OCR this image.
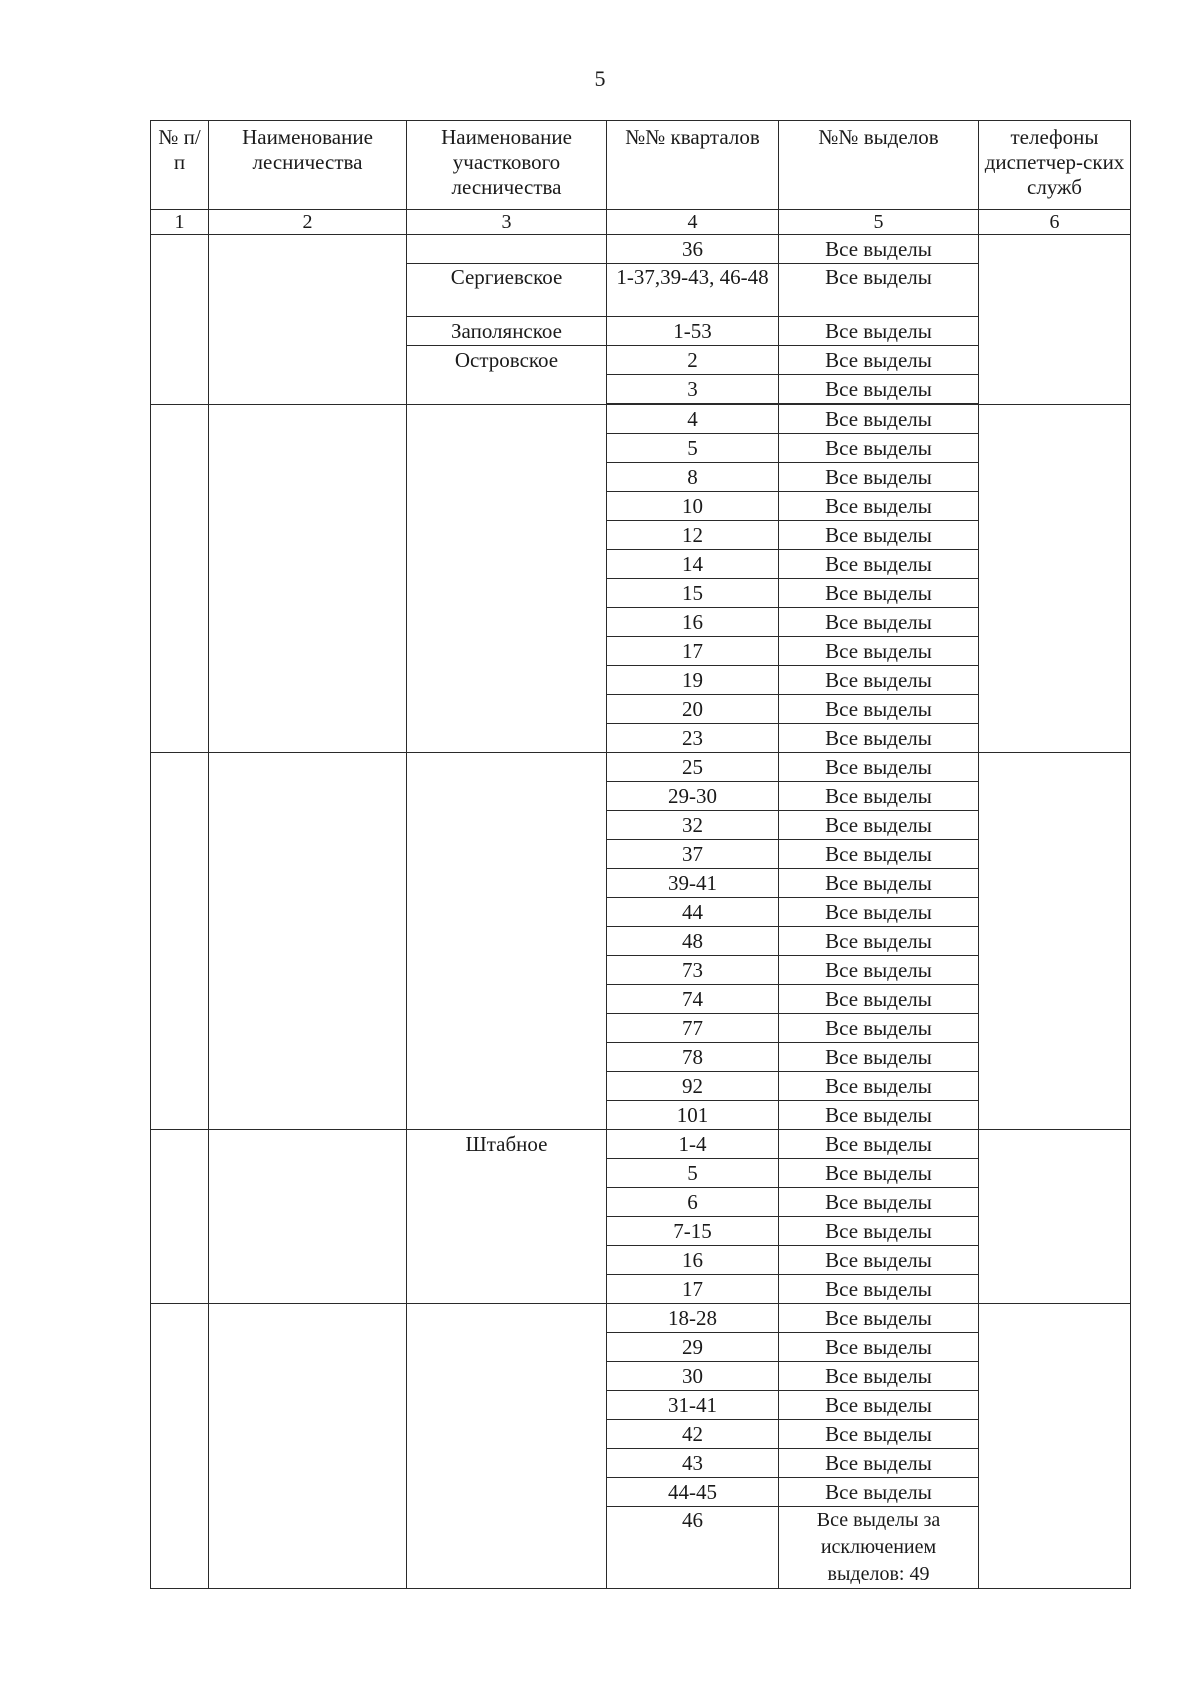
5
№ п/п	Наименование лесничества	Наименование участкового лесничества	№№ кварталов	№№ выделов	телефоны диспетчер-ских служб
1	2	3	4	5	6
			36	Все выделы	
		Сергиевское	1-37,39-43, 46-48	Все выделы	
		Заполянское	1-53	Все выделы	
		Островское	2	Все выделы	
			3	Все выделы	

			4	Все выделы	
			5	Все выделы	
			8	Все выделы	
			10	Все выделы	
			12	Все выделы	
			14	Все выделы	
			15	Все выделы	
			16	Все выделы	
			17	Все выделы	
			19	Все выделы	
			20	Все выделы	
			23	Все выделы	
			25	Все выделы	
			29-30	Все выделы	
			32	Все выделы	
			37	Все выделы	
			39-41	Все выделы	
			44	Все выделы	
			48	Все выделы	
			73	Все выделы	
			74	Все выделы	
			77	Все выделы	
			78	Все выделы	
			92	Все выделы	
			101	Все выделы	
		Штабное	1-4	Все выделы	
			5	Все выделы	
			6	Все выделы	
			7-15	Все выделы	
			16	Все выделы	
			17	Все выделы	
			18-28	Все выделы	
			29	Все выделы	
			30	Все выделы	
			31-41	Все выделы	
			42	Все выделы	
			43	Все выделы	
			44-45	Все выделы	
			46	Все выделы за исключением выделов: 49	
